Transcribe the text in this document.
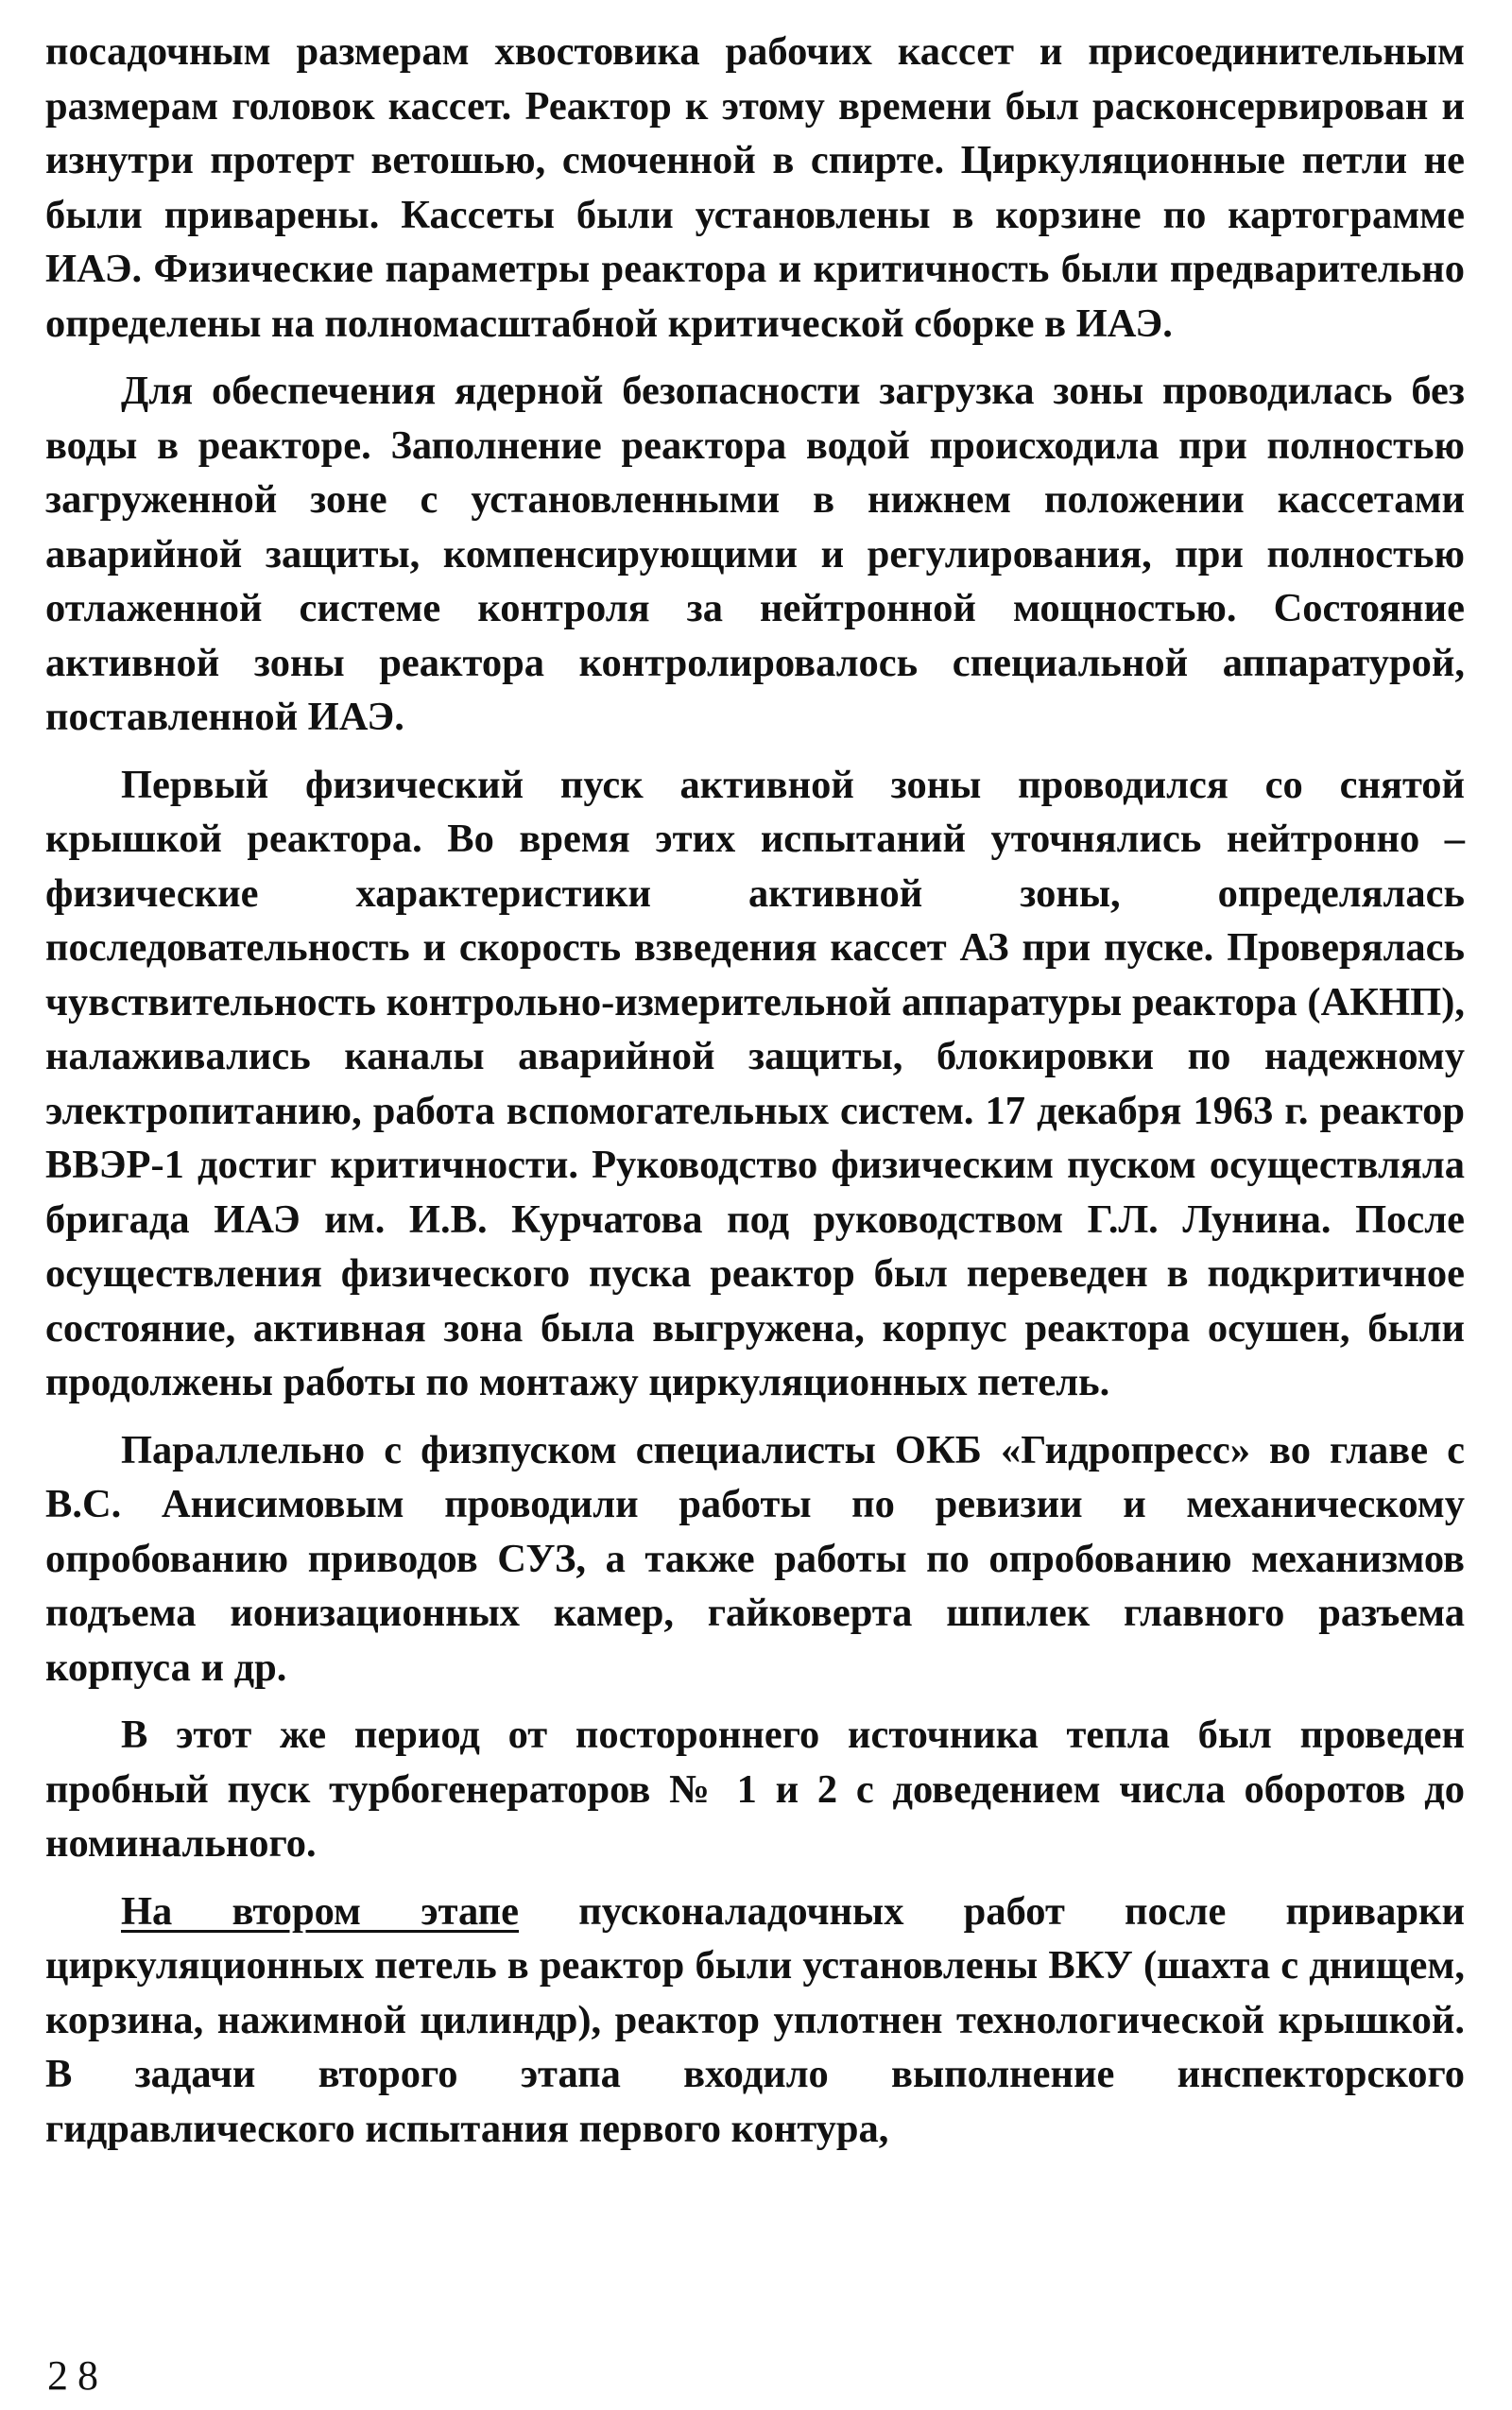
посадочным размерам хвостовика рабочих кассет и присоединительным размерам головок кассет. Реактор к этому времени был расконсервирован и изнутри протерт ветошью, смоченной в спирте. Циркуляционные петли не были приварены. Кассеты были установлены в корзине по картограмме ИАЭ. Физические параметры реактора и критичность были предварительно определены на полномасштабной критической сборке в ИАЭ.

Для обеспечения ядерной безопасности загрузка зоны проводилась без воды в реакторе. Заполнение реактора водой происходила при полностью загруженной зоне с установленными в нижнем положении кассетами аварийной защиты, компенсирующими и регулирования, при полностью отлаженной системе контроля за нейтронной мощностью. Состояние активной зоны реактора контролировалось специальной аппаратурой, поставленной ИАЭ.

Первый физический пуск активной зоны проводился со снятой крышкой реактора. Во время этих испытаний уточнялись нейтронно – физические характеристики активной зоны, определялась последовательность и скорость взведения кассет АЗ при пуске. Проверялась чувствительность контрольно-измерительной аппаратуры реактора (АКНП), налаживались каналы аварийной защиты, блокировки по надежному электропитанию, работа вспомогательных систем. 17 декабря 1963 г. реактор ВВЭР-1 достиг критичности. Руководство физическим пуском осуществляла бригада ИАЭ им. И.В. Курчатова под руководством Г.Л. Лунина. После осуществления физического пуска реактор был переведен в подкритичное состояние, активная зона была выгружена, корпус реактора осушен, были продолжены работы по монтажу циркуляционных петель.

Параллельно с физпуском специалисты ОКБ «Гидропресс» во главе с В.С. Анисимовым проводили работы по ревизии и механическому опробованию приводов СУЗ, а также работы по опробованию механизмов подъема ионизационных камер, гайковерта шпилек главного разъема корпуса и др.

В этот же период от постороннего источника тепла был проведен пробный пуск турбогенераторов № 1 и 2 с доведением числа оборотов до номинального.

На втором этапе пусконаладочных работ после приварки циркуляционных петель в реактор были установлены ВКУ (шахта с днищем, корзина, нажимной цилиндр), реактор уплотнен технологической крышкой. В задачи второго этапа входило выполнение инспекторского гидравлического испытания первого контура,

28
